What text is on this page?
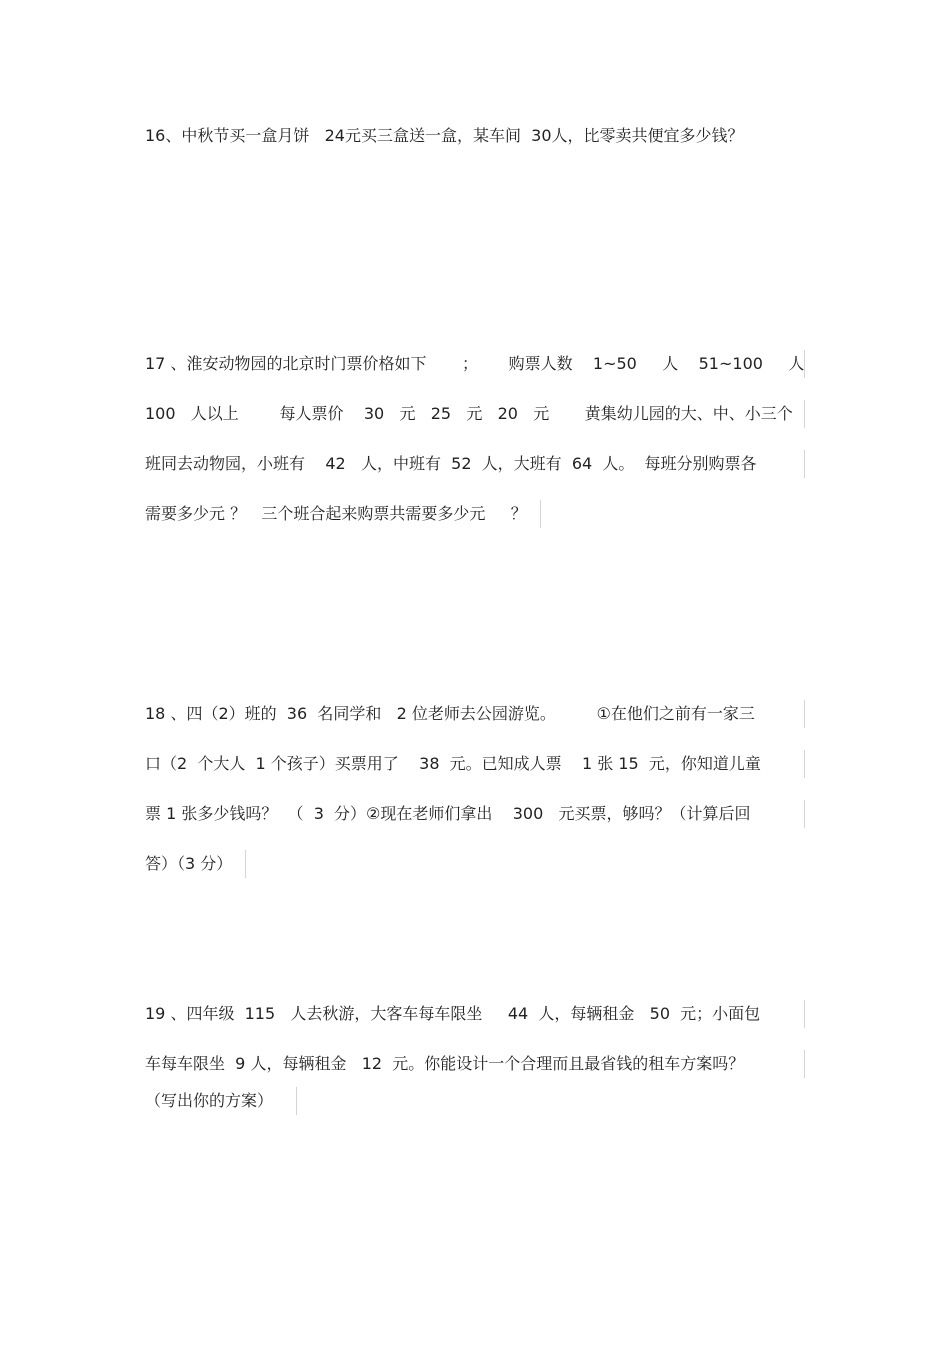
16、中秋节买一盒月饼   24元买三盒送一盒，某车间  30人，比零卖共便宜多少钱？
17 、淮安动物园的北京时门票价格如下       ；      购票人数    1~50     人    51~100     人
100   人以上        每人票价    30   元   25   元   20   元       黄集幼儿园的大、中、小三个
班同去动物园，小班有    42   人，中班有  52  人，大班有  64  人。  每班分别购票各
需要多少元 ？   三个班合起来购票共需要多少元     ？
18 、四（2）班的  36  名同学和   2 位老师去公园游览。        ①在他们之前有一家三
口（2  个大人  1 个孩子）买票用了    38  元。已知成人票    1 张 15  元，你知道儿童
票 1 张多少钱吗？  （  3  分）②现在老师们拿出    300   元买票，够吗？（计算后回
答）（3 分）
19 、四年级  115   人去秋游，大客车每车限坐     44  人，每辆租金   50  元；小面包
车每车限坐  9 人，每辆租金   12  元。你能设计一个合理而且最省钱的租车方案吗？
（写出你的方案）
